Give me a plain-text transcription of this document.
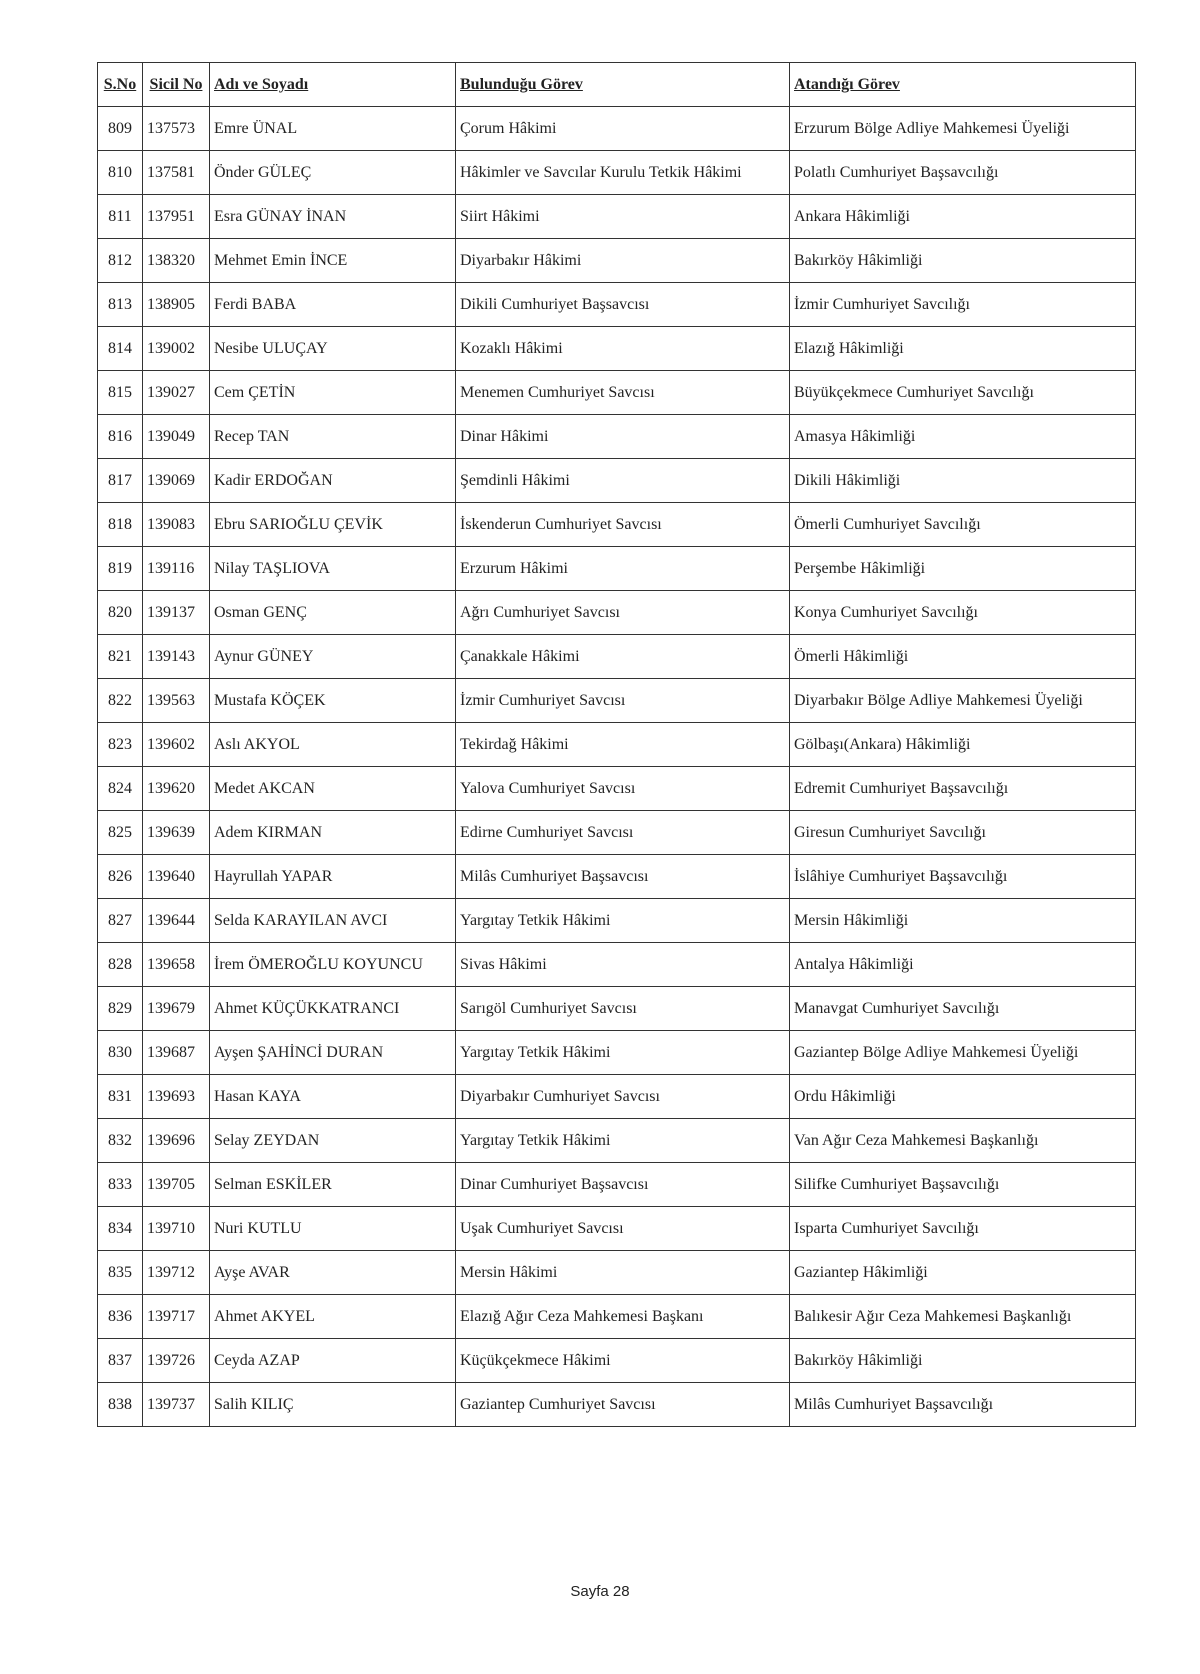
S.No	Sicil No	Adı ve Soyadı	Bulunduğu Görev	Atandığı Görev
809	137573	Emre ÜNAL	Çorum Hâkimi	Erzurum Bölge Adliye Mahkemesi Üyeliği
810	137581	Önder GÜLEÇ	Hâkimler ve Savcılar Kurulu Tetkik Hâkimi	Polatlı Cumhuriyet Başsavcılığı
811	137951	Esra GÜNAY İNAN	Siirt Hâkimi	Ankara Hâkimliği
812	138320	Mehmet Emin İNCE	Diyarbakır Hâkimi	Bakırköy Hâkimliği
813	138905	Ferdi BABA	Dikili Cumhuriyet Başsavcısı	İzmir Cumhuriyet Savcılığı
814	139002	Nesibe ULUÇAY	Kozaklı Hâkimi	Elazığ Hâkimliği
815	139027	Cem ÇETİN	Menemen Cumhuriyet Savcısı	Büyükçekmece Cumhuriyet Savcılığı
816	139049	Recep TAN	Dinar Hâkimi	Amasya Hâkimliği
817	139069	Kadir ERDOĞAN	Şemdinli Hâkimi	Dikili Hâkimliği
818	139083	Ebru SARIOĞLU ÇEVİK	İskenderun Cumhuriyet Savcısı	Ömerli Cumhuriyet Savcılığı
819	139116	Nilay TAŞLIOVA	Erzurum Hâkimi	Perşembe Hâkimliği
820	139137	Osman GENÇ	Ağrı Cumhuriyet Savcısı	Konya Cumhuriyet Savcılığı
821	139143	Aynur GÜNEY	Çanakkale Hâkimi	Ömerli Hâkimliği
822	139563	Mustafa KÖÇEK	İzmir Cumhuriyet Savcısı	Diyarbakır Bölge Adliye Mahkemesi Üyeliği
823	139602	Aslı AKYOL	Tekirdağ Hâkimi	Gölbaşı(Ankara) Hâkimliği
824	139620	Medet AKCAN	Yalova Cumhuriyet Savcısı	Edremit Cumhuriyet Başsavcılığı
825	139639	Adem KIRMAN	Edirne Cumhuriyet Savcısı	Giresun Cumhuriyet Savcılığı
826	139640	Hayrullah YAPAR	Milâs Cumhuriyet Başsavcısı	İslâhiye Cumhuriyet Başsavcılığı
827	139644	Selda KARAYILAN AVCI	Yargıtay Tetkik Hâkimi	Mersin Hâkimliği
828	139658	İrem ÖMEROĞLU KOYUNCU	Sivas Hâkimi	Antalya Hâkimliği
829	139679	Ahmet KÜÇÜKKATRANCI	Sarıgöl Cumhuriyet Savcısı	Manavgat Cumhuriyet Savcılığı
830	139687	Ayşen ŞAHİNCİ DURAN	Yargıtay Tetkik Hâkimi	Gaziantep Bölge Adliye Mahkemesi Üyeliği
831	139693	Hasan KAYA	Diyarbakır Cumhuriyet Savcısı	Ordu Hâkimliği
832	139696	Selay ZEYDAN	Yargıtay Tetkik Hâkimi	Van Ağır Ceza Mahkemesi Başkanlığı
833	139705	Selman ESKİLER	Dinar Cumhuriyet Başsavcısı	Silifke Cumhuriyet Başsavcılığı
834	139710	Nuri KUTLU	Uşak Cumhuriyet Savcısı	Isparta Cumhuriyet Savcılığı
835	139712	Ayşe AVAR	Mersin Hâkimi	Gaziantep Hâkimliği
836	139717	Ahmet AKYEL	Elazığ Ağır Ceza Mahkemesi Başkanı	Balıkesir Ağır Ceza Mahkemesi Başkanlığı
837	139726	Ceyda AZAP	Küçükçekmece Hâkimi	Bakırköy Hâkimliği
838	139737	Salih KILIÇ	Gaziantep Cumhuriyet Savcısı	Milâs Cumhuriyet Başsavcılığı
Sayfa 28
